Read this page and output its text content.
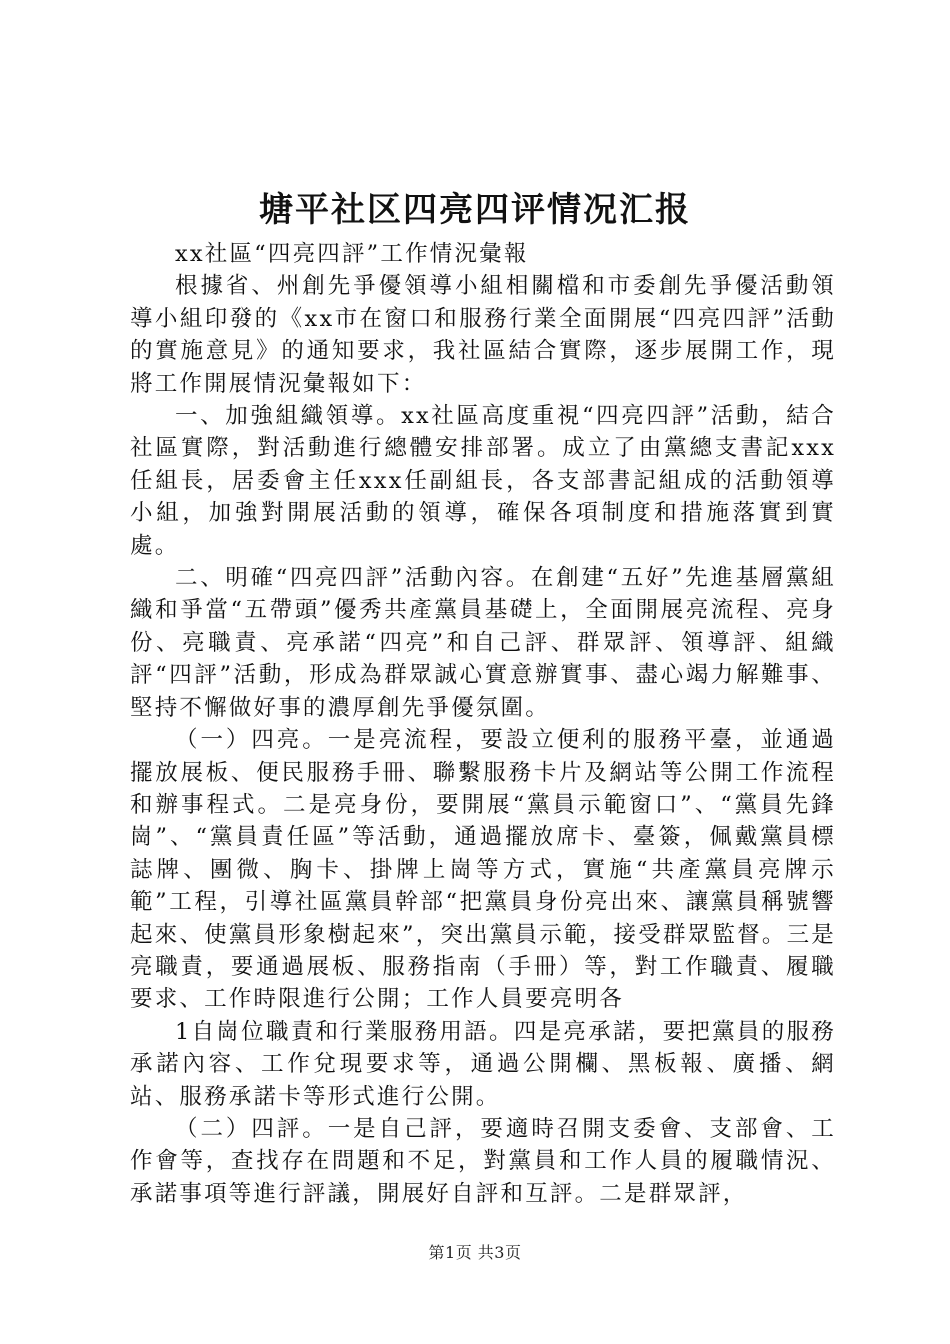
塘平社区四亮四评情况汇报

xx社區“四亮四評”工作情況彙報

根據省、州創先爭優領導小組相關檔和市委創先爭優活動領導小組印發的《xx市在窗口和服務行業全面開展“四亮四評”活動的實施意見》的通知要求，我社區結合實際，逐步展開工作，現將工作開展情況彙報如下：

一、加強組織領導。xx社區高度重視“四亮四評”活動，結合社區實際，對活動進行總體安排部署。成立了由黨總支書記xxx任組長，居委會主任xxx任副組長，各支部書記組成的活動領導小組，加強對開展活動的領導，確保各項制度和措施落實到實處。

二、明確“四亮四評”活動內容。在創建“五好”先進基層黨組織和爭當“五帶頭”優秀共產黨員基礎上，全面開展亮流程、亮身份、亮職責、亮承諾“四亮”和自己評、群眾評、領導評、組織評“四評”活動，形成為群眾誠心實意辦實事、盡心竭力解難事、堅持不懈做好事的濃厚創先爭優氛圍。

（一）四亮。一是亮流程，要設立便利的服務平臺，並通過擺放展板、便民服務手冊、聯繫服務卡片及網站等公開工作流程和辦事程式。二是亮身份，要開展“黨員示範窗口”、“黨員先鋒崗”、“黨員責任區”等活動，通過擺放席卡、臺簽，佩戴黨員標誌牌、團微、胸卡、掛牌上崗等方式，實施“共產黨員亮牌示範”工程，引導社區黨員幹部“把黨員身份亮出來、讓黨員稱號響起來、使黨員形象樹起來”，突出黨員示範，接受群眾監督。三是亮職責，要通過展板、服務指南（手冊）等，對工作職責、履職要求、工作時限進行公開；工作人員要亮明各

1自崗位職責和行業服務用語。四是亮承諾，要把黨員的服務承諾內容、工作兌現要求等，通過公開欄、黑板報、廣播、網站、服務承諾卡等形式進行公開。

（二）四評。一是自己評，要適時召開支委會、支部會、工作會等，查找存在問題和不足，對黨員和工作人員的履職情況、承諾事項等進行評議，開展好自評和互評。二是群眾評，

第1页 共3页
